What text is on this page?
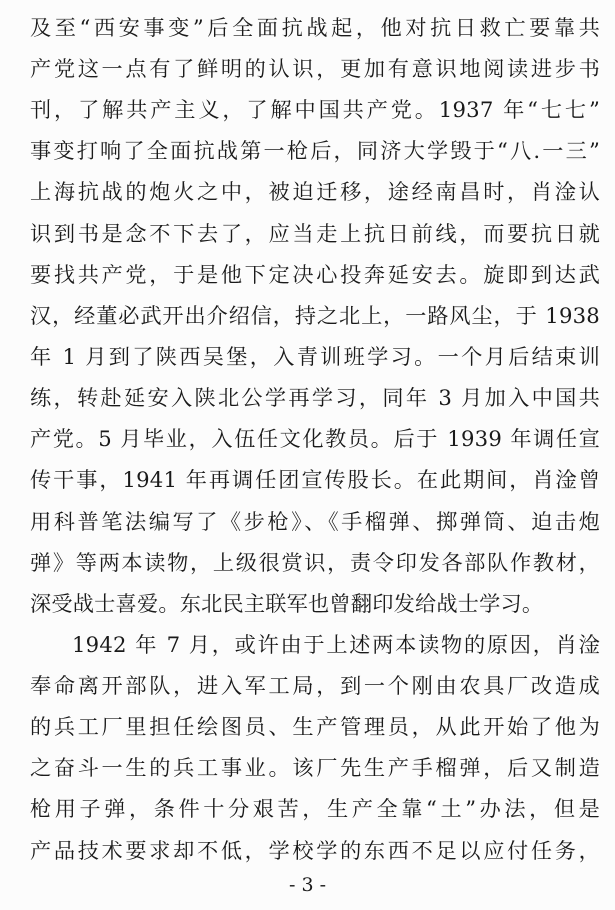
及至“西安事变”后全面抗战起，他对抗日救亡要靠共
产党这一点有了鲜明的认识，更加有意识地阅读进步书
刊，了解共产主义，了解中国共产党。1937 年“七七”
事变打响了全面抗战第一枪后，同济大学毁于“八.一三”
上海抗战的炮火之中，被迫迁移，途经南昌时，肖淦认
识到书是念不下去了，应当走上抗日前线，而要抗日就
要找共产党，于是他下定决心投奔延安去。旋即到达武
汉，经董必武开出介绍信，持之北上，一路风尘，于 1938
年 1 月到了陕西吴堡，入青训班学习。一个月后结束训
练，转赴延安入陕北公学再学习，同年 3 月加入中国共
产党。5 月毕业，入伍任文化教员。后于 1939 年调任宣
传干事，1941 年再调任团宣传股长。在此期间，肖淦曾
用科普笔法编写了《步枪》、《手榴弹、掷弹筒、迫击炮
弹》等两本读物，上级很赏识，责令印发各部队作教材，
深受战士喜爱。东北民主联军也曾翻印发给战士学习。
1942 年 7 月，或许由于上述两本读物的原因，肖淦
奉命离开部队，进入军工局，到一个刚由农具厂改造成
的兵工厂里担任绘图员、生产管理员，从此开始了他为
之奋斗一生的兵工事业。该厂先生产手榴弹，后又制造
枪用子弹，条件十分艰苦，生产全靠“土”办法，但是
产品技术要求却不低，学校学的东西不足以应付任务，
- 3 -
